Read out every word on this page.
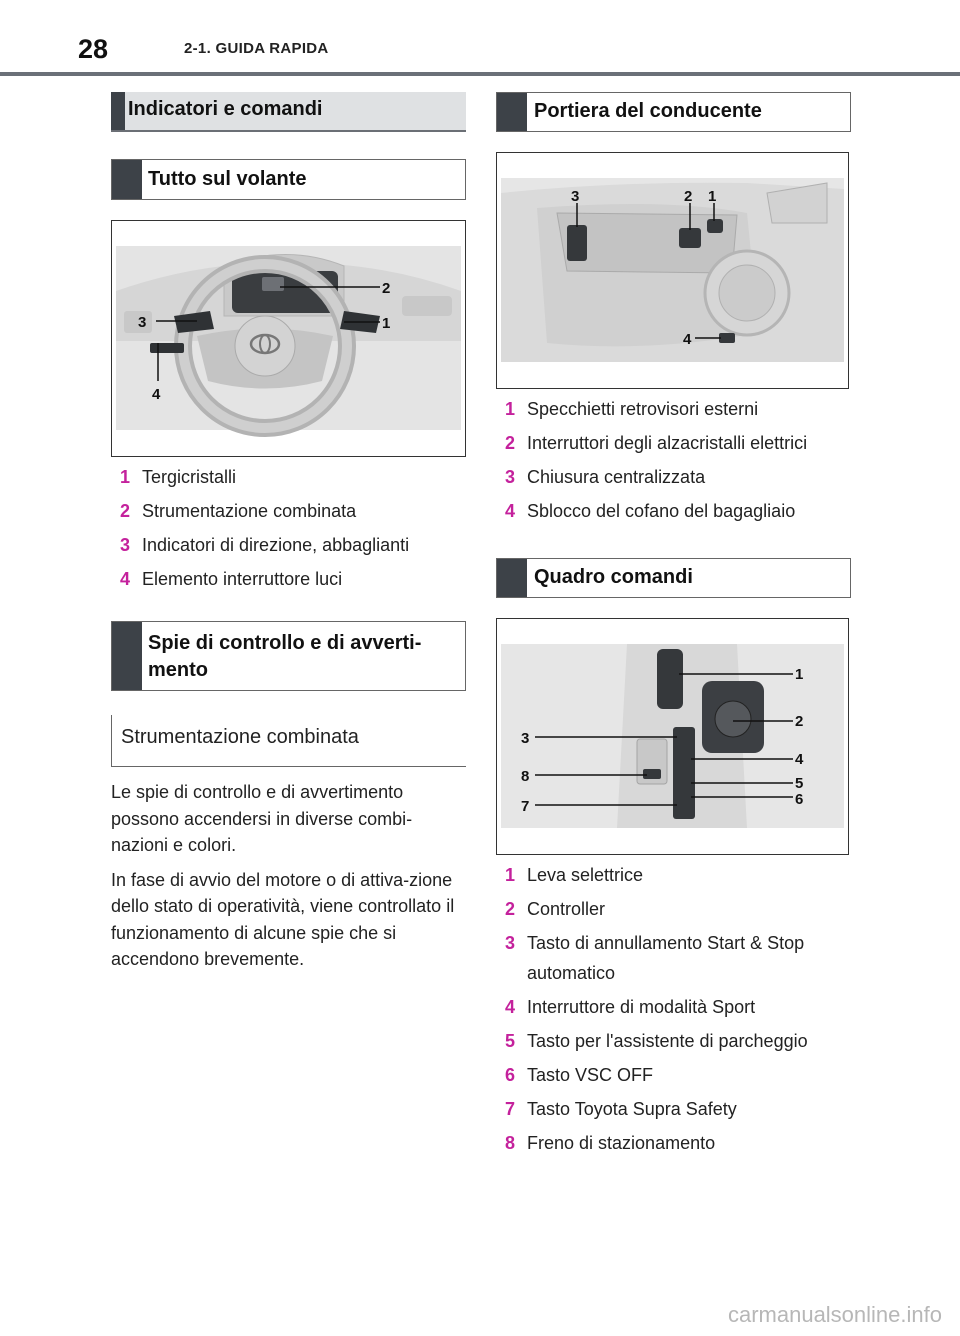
28	2-1. GUIDA RAPIDA
Indicatori e comandi
Tutto sul volante
2
3	1
4
1 Tergicristalli
2 Strumentazione combinata
3 Indicatori di direzione, abbaglianti
4 Elemento interruttore luci
Spie di controllo e di avverti-mento
Strumentazione combinata

Le spie di controllo e di avvertimento possono accendersi in diverse combi-nazioni e colori.

In fase di avvio del motore o di attiva-zione dello stato di operatività, viene controllato il funzionamento di alcune spie che si accendono brevemente.

Portiera del conducente
3	2 1
4
1 Specchietti retrovisori esterni
2 Interruttori degli alzacristalli elettrici
3 Chiusura centralizzata
4 Sblocco del cofano del bagagliaio
Quadro comandi
1
2
3
4
8	5
7	6
1 Leva selettrice
2 Controller
3 Tasto di annullamento Start & Stop automatico
4 Interruttore di modalità Sport
5 Tasto per l'assistente di parcheggio
6 Tasto VSC OFF
7 Tasto Toyota Supra Safety
8 Freno di stazionamento
carmanualsonline.info
